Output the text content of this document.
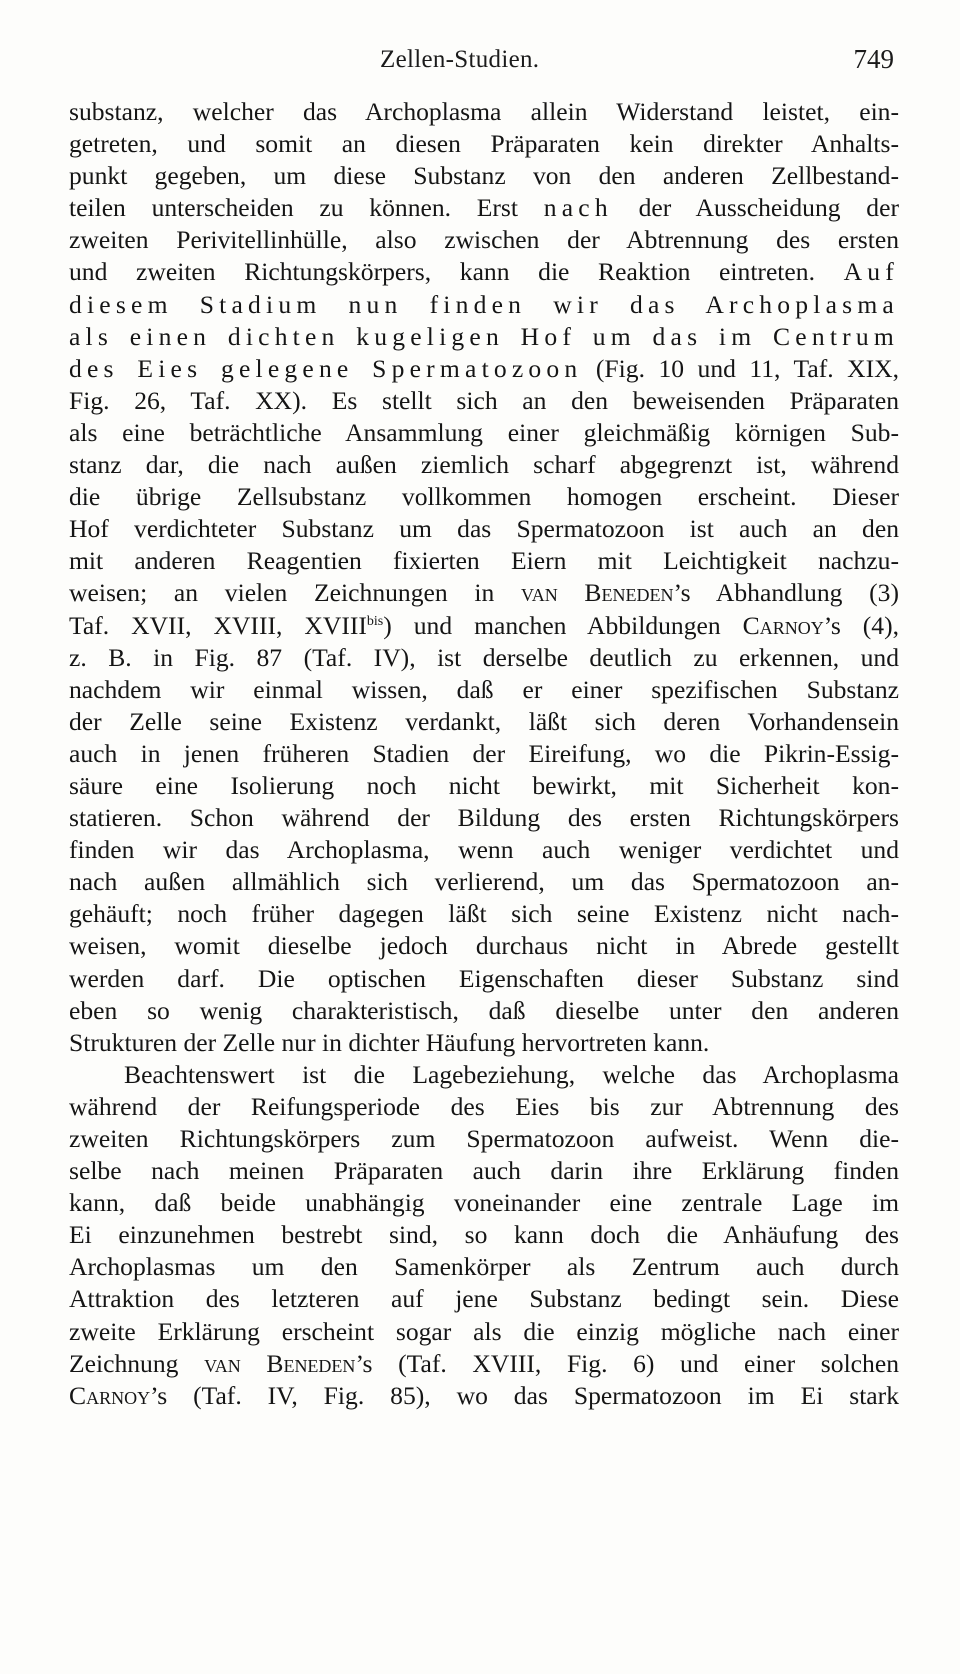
Zellen-Studien.	749
substanz, welcher das Archoplasma allein Widerstand leistet, ein-
getreten, und somit an diesen Präparaten kein direkter Anhalts-
punkt gegeben, um diese Substanz von den anderen Zellbestand-
teilen unterscheiden zu können. Erst nach der Ausscheidung der
zweiten Perivitellinhülle, also zwischen der Abtrennung des ersten
und zweiten Richtungskörpers, kann die Reaktion eintreten. Auf
diesem Stadium nun finden wir das Archoplasma
als einen dichten kugeligen Hof um das im Centrum
des Eies gelegene Spermatozoon (Fig. 10 und 11, Taf. XIX,
Fig. 26, Taf. XX). Es stellt sich an den beweisenden Präparaten
als eine beträchtliche Ansammlung einer gleichmäßig körnigen Sub-
stanz dar, die nach außen ziemlich scharf abgegrenzt ist, während
die übrige Zellsubstanz vollkommen homogen erscheint. Dieser
Hof verdichteter Substanz um das Spermatozoon ist auch an den
mit anderen Reagentien fixierten Eiern mit Leichtigkeit nachzu-
weisen; an vielen Zeichnungen in van Beneden’s Abhandlung (3)
Taf. XVII, XVIII, $XVIII^{bis}$) und manchen Abbildungen Carnoy’s (4),
z. B. in Fig. 87 (Taf. IV), ist derselbe deutlich zu erkennen, und
nachdem wir einmal wissen, daß er einer spezifischen Substanz
der Zelle seine Existenz verdankt, läßt sich deren Vorhandensein
auch in jenen früheren Stadien der Eireifung, wo die Pikrin-Essig-
säure eine Isolierung noch nicht bewirkt, mit Sicherheit kon-
statieren. Schon während der Bildung des ersten Richtungskörpers
finden wir das Archoplasma, wenn auch weniger verdichtet und
nach außen allmählich sich verlierend, um das Spermatozoon an-
gehäuft; noch früher dagegen läßt sich seine Existenz nicht nach-
weisen, womit dieselbe jedoch durchaus nicht in Abrede gestellt
werden darf. Die optischen Eigenschaften dieser Substanz sind
eben so wenig charakteristisch, daß dieselbe unter den anderen
Strukturen der Zelle nur in dichter Häufung hervortreten kann.
Beachtenswert ist die Lagebeziehung, welche das Archoplasma
während der Reifungsperiode des Eies bis zur Abtrennung des
zweiten Richtungskörpers zum Spermatozoon aufweist. Wenn die-
selbe nach meinen Präparaten auch darin ihre Erklärung finden
kann, daß beide unabhängig voneinander eine zentrale Lage im
Ei einzunehmen bestrebt sind, so kann doch die Anhäufung des
Archoplasmas um den Samenkörper als Zentrum auch durch
Attraktion des letzteren auf jene Substanz bedingt sein. Diese
zweite Erklärung erscheint sogar als die einzig mögliche nach einer
Zeichnung van Beneden’s (Taf. XVIII, Fig. 6) und einer solchen
Carnoy’s (Taf. IV, Fig. 85), wo das Spermatozoon im Ei stark
